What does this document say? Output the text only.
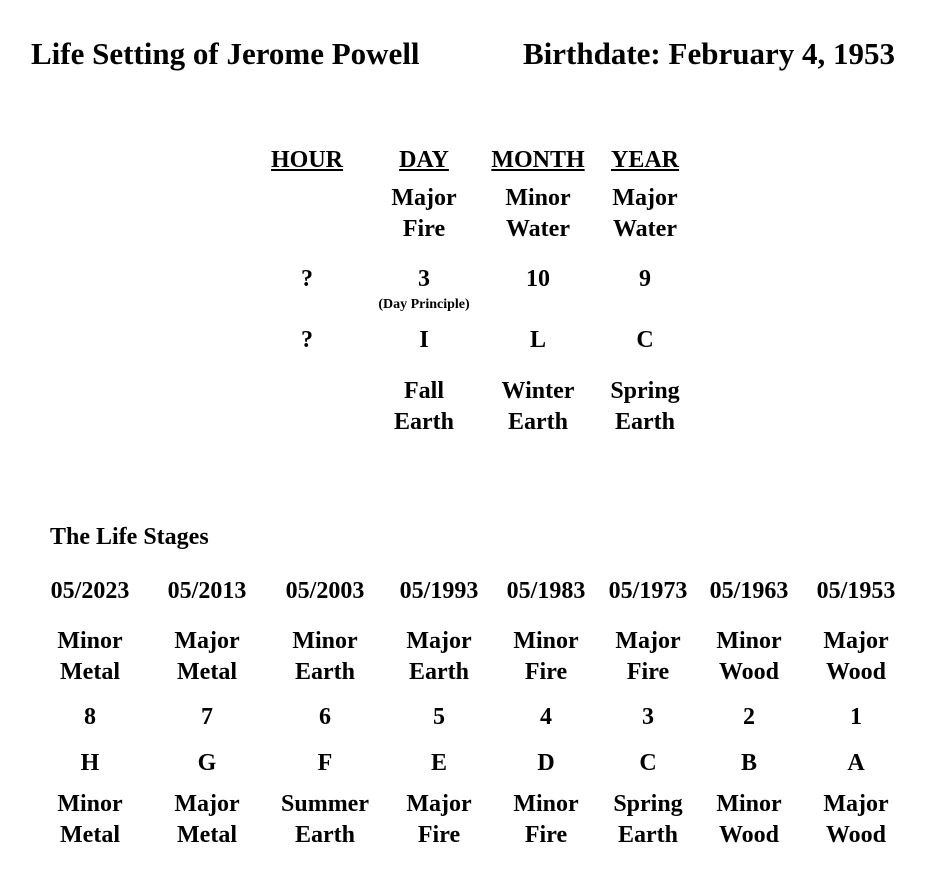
Life Setting of Jerome Powell	Birthdate: February 4, 1953
HOUR
?
?
DAY
Major
Fire
3
(Day Principle)
I
Fall
Earth
MONTH
Minor
Water
10
L
Winter
Earth
YEAR
Major
Water
9
C
Spring
Earth
The Life Stages
05/2023
Minor
Metal
8
H
Minor
Metal
05/2013
Major
Metal
7
G
Major
Metal
05/2003
Minor
Earth
6
F
Summer
Earth
05/1993
Major
Earth
5
E
Major
Fire
05/1983
Minor
Fire
4
D
Minor
Fire
05/1973
Major
Fire
3
C
Spring
Earth
05/1963
Minor
Wood
2
B
Minor
Wood
05/1953
Major
Wood
1
A
Major
Wood
